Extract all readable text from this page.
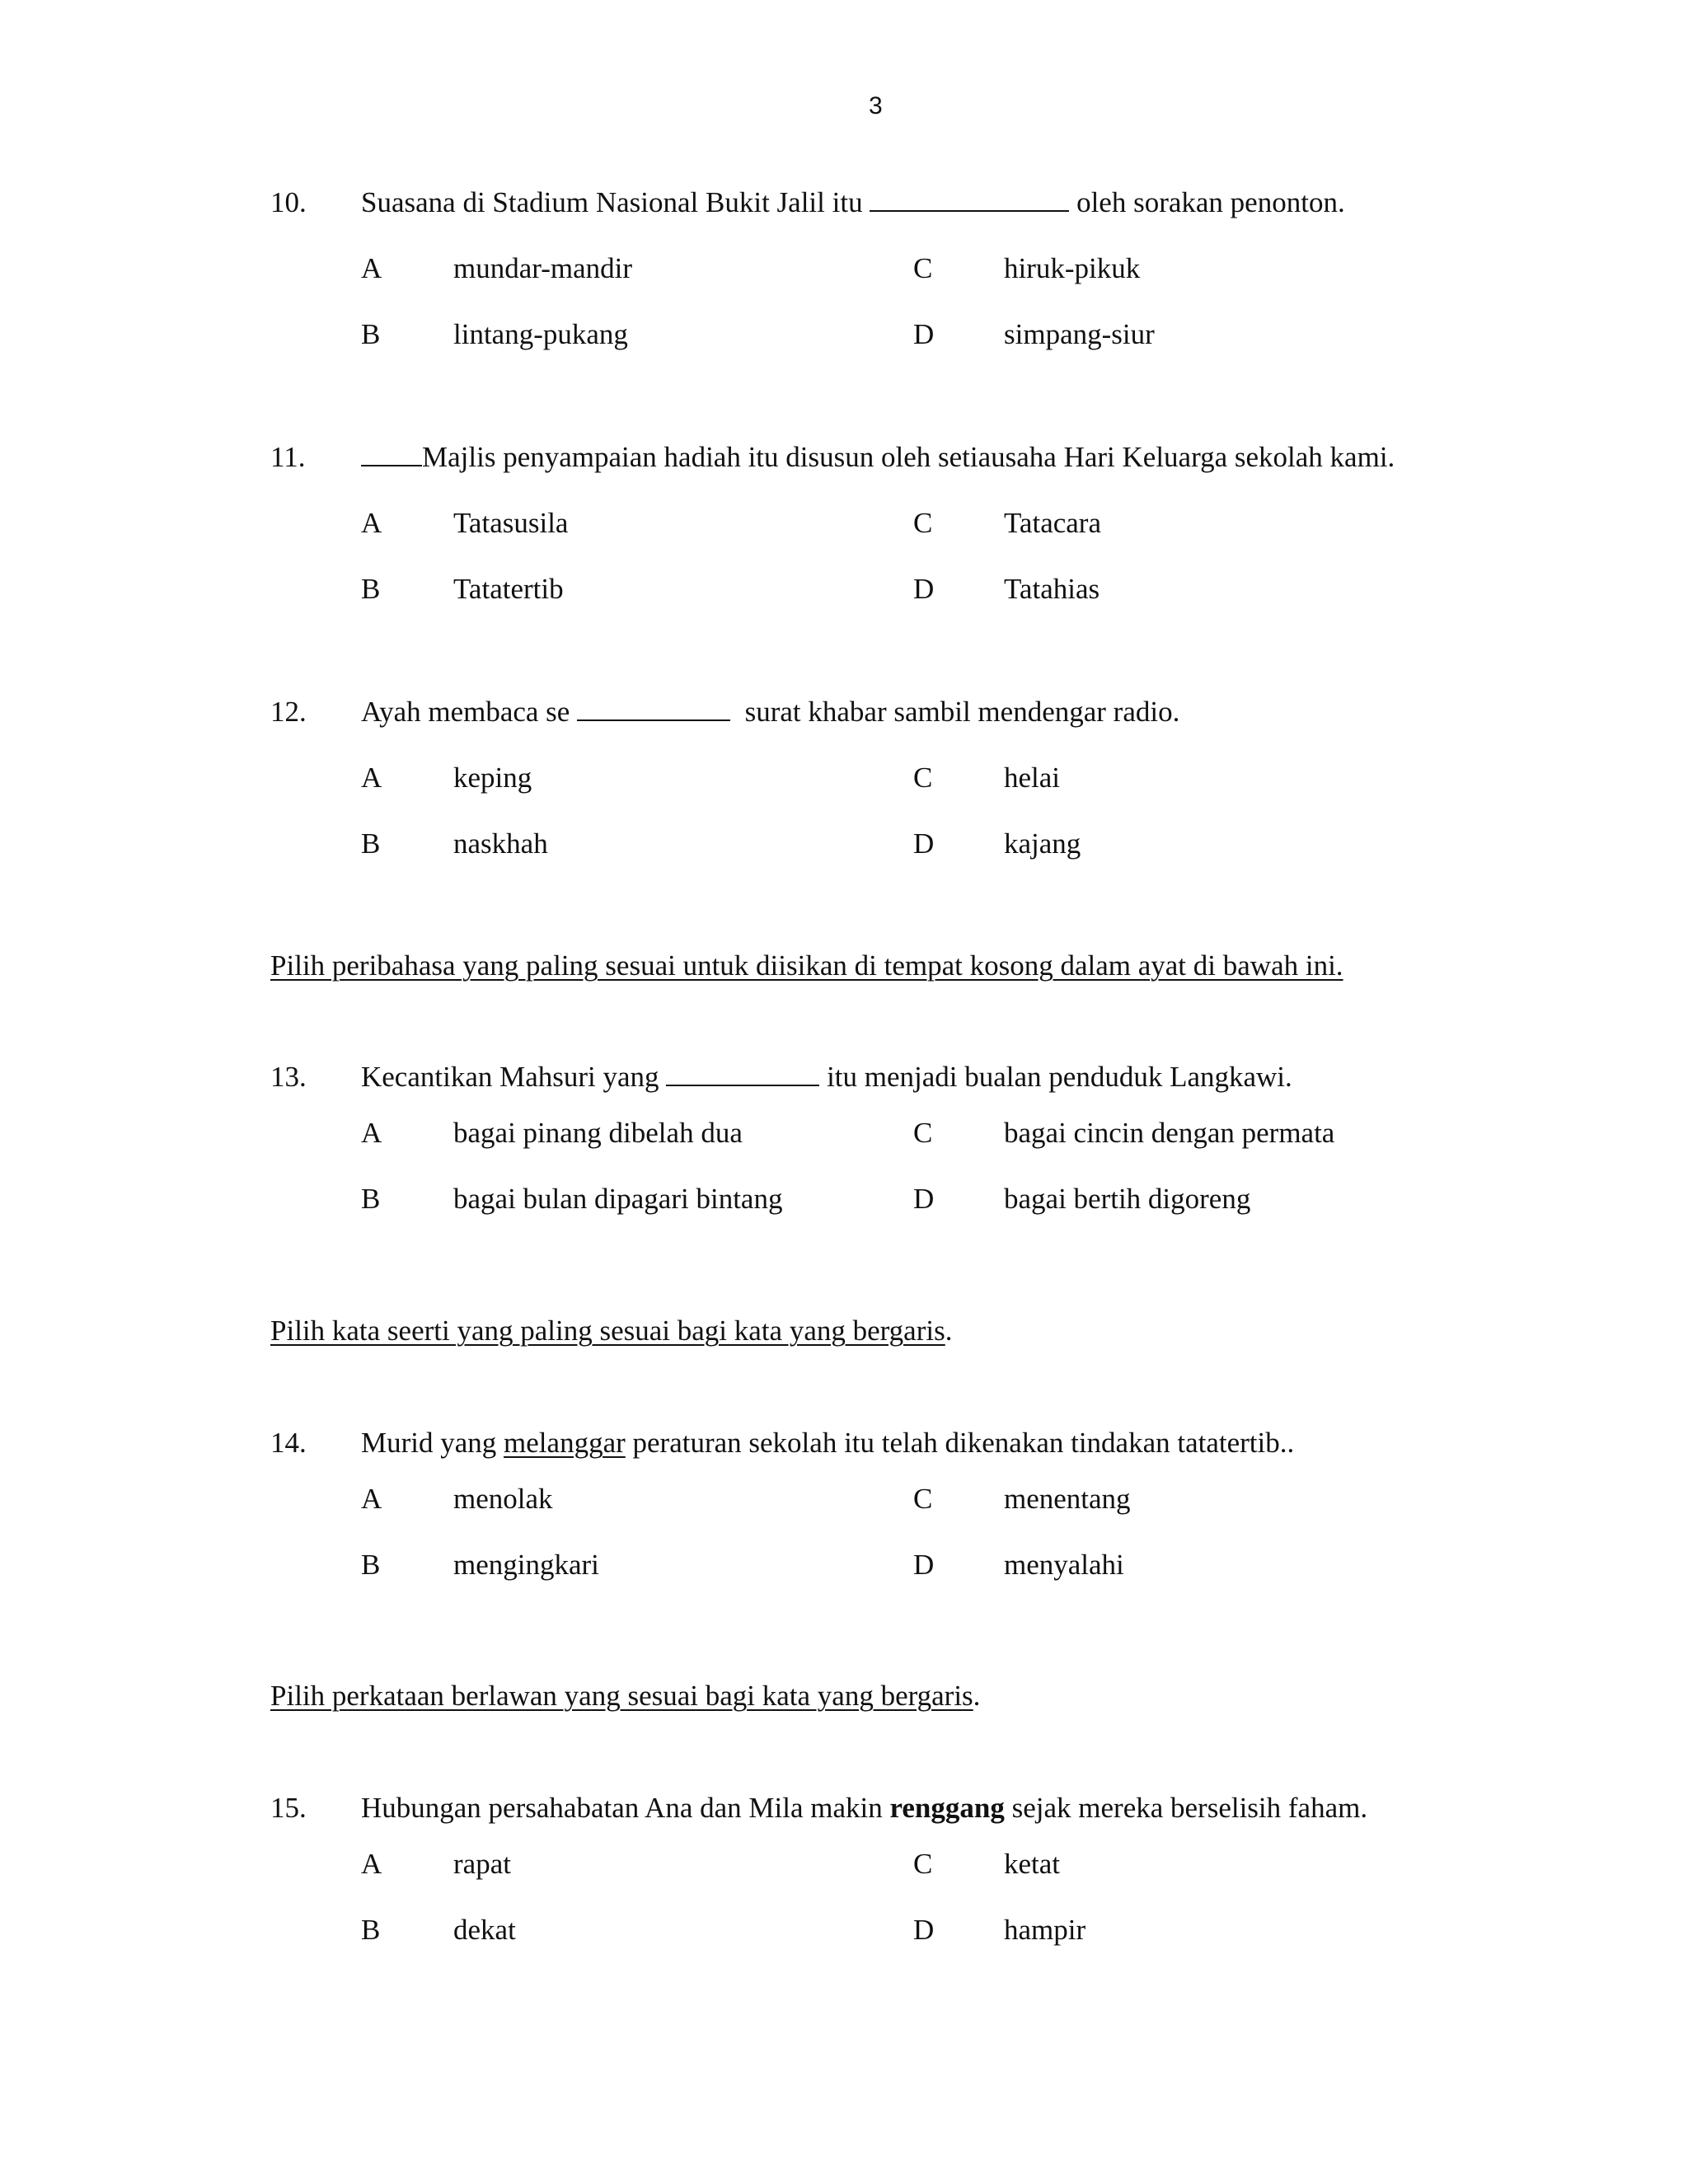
3
10. Suasana di Stadium Nasional Bukit Jalil itu	oleh sorakan penonton.
A mundar-mandir	C hiruk-pikuk
B	lintang-pukang	D simpang-siur
11.	Majlis penyampaian hadiah itu disusun oleh setiausaha Hari Keluarga sekolah kami.
A Tatasusila	C Tatacara
B	Tatatertib	D Tatahias
12. Ayah membaca se	surat khabar sambil mendengar radio.
A keping	C helai
B	naskhah	D kajang
Pilih peribahasa yang paling sesuai untuk diisikan di tempat kosong dalam ayat di bawah ini.
13. Kecantikan Mahsuri yang	itu menjadi bualan penduduk Langkawi.
A bagai pinang dibelah dua	C bagai cincin dengan permata
B	bagai bulan dipagari bintang	D bagai bertih digoreng
Pilih kata seerti yang paling sesuai bagi kata yang bergaris.
14. Murid yang melanggar peraturan sekolah itu telah dikenakan tindakan tatatertib..
A menolak	C menentang
B	mengingkari	D menyalahi
Pilih perkataan berlawan yang sesuai bagi kata yang bergaris.
15. Hubungan persahabatan Ana dan Mila makin renggang sejak mereka berselisih faham.
A rapat	C ketat
B	dekat	D hampir
